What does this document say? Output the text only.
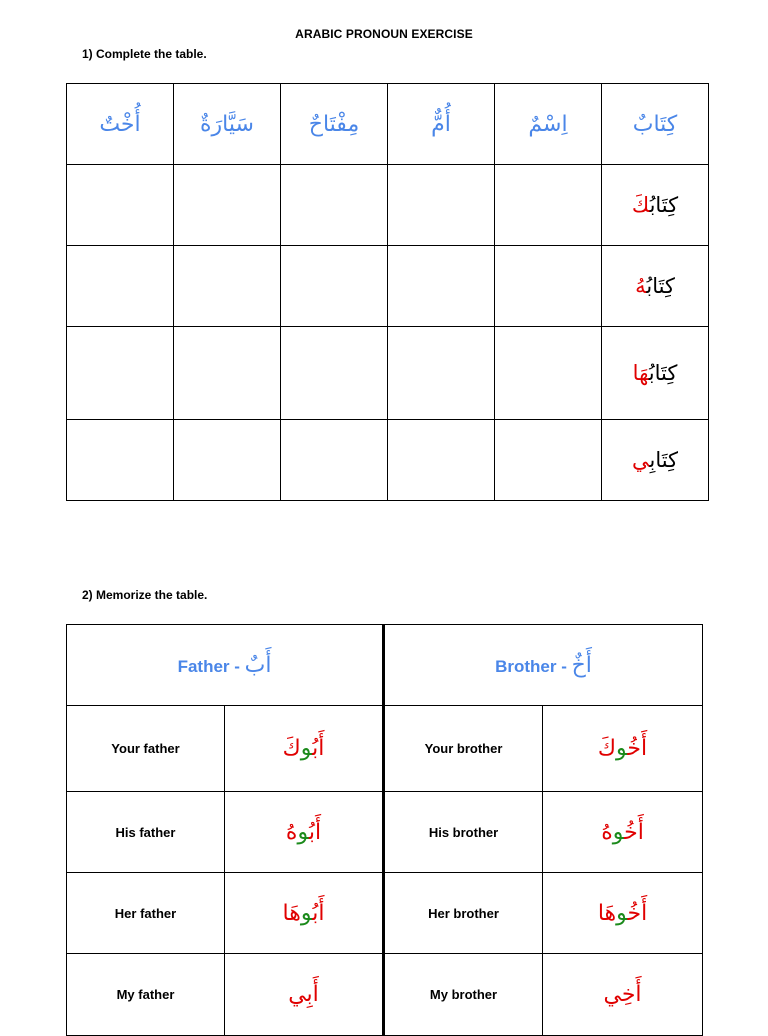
ARABIC PRONOUN EXERCISE
1) Complete the table.
أُخْتٌ	سَيَّارَةٌ	مِفْتَاحٌ	أُمٌّ	اِسْمٌ	كِتَابٌ
					كِتَابُكَ
					كِتَابُهُ
					كِتَابُهَا
					كِتَابِي
2) Memorize the table.
Father - أَبٌ		Brother - أَخٌ	
Your father	أَبُوكَ	Your brother	أَخُوكَ
His father	أَبُوهُ	His brother	أَخُوهُ
Her father	أَبُوهَا	Her brother	أَخُوهَا
My father	أَبي	My brother	أَخي
